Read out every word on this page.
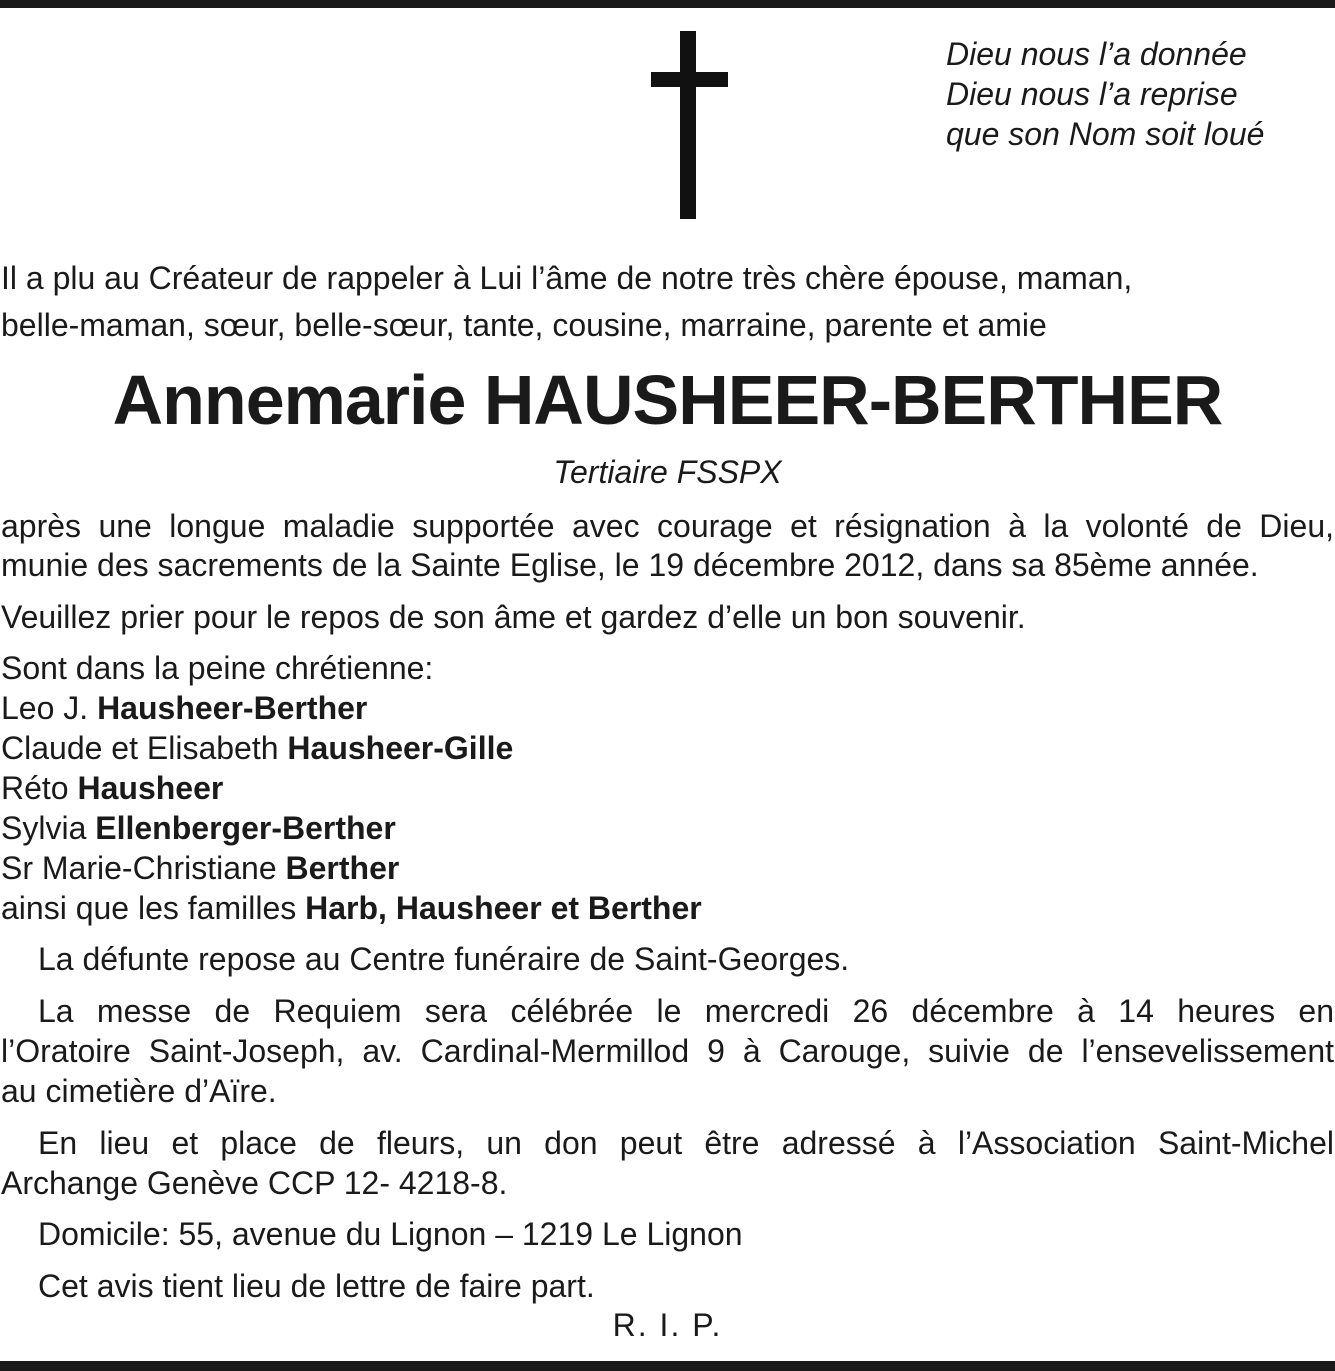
Dieu nous l’a donnée
Dieu nous l’a reprise
que son Nom soit loué
Il a plu au Créateur de rappeler à Lui l’âme de notre très chère épouse, maman,
belle-maman, sœur, belle-sœur, tante, cousine, marraine, parente et amie
Annemarie HAUSHEER-BERTHER
Tertiaire FSSPX
après une longue maladie supportée avec courage et résignation à la volonté de Dieu,
munie des sacrements de la Sainte Eglise, le 19 décembre 2012, dans sa 85ème année.
Veuillez prier pour le repos de son âme et gardez d’elle un bon souvenir.
Sont dans la peine chrétienne:
Leo J. Hausheer-Berther
Claude et Elisabeth Hausheer-Gille
Réto Hausheer
Sylvia Ellenberger-Berther
Sr Marie-Christiane Berther
ainsi que les familles Harb, Hausheer et Berther
La défunte repose au Centre funéraire de Saint-Georges.
La messe de Requiem sera célébrée le mercredi 26 décembre à 14 heures en
l’Oratoire Saint-Joseph, av. Cardinal-Mermillod 9 à Carouge, suivie de l’ensevelissement
au cimetière d’Aïre.
En lieu et place de fleurs, un don peut être adressé à l’Association Saint-Michel
Archange Genève CCP 12- 4218-8.
Domicile: 55, avenue du Lignon – 1219 Le Lignon
Cet avis tient lieu de lettre de faire part.
R. I. P.
